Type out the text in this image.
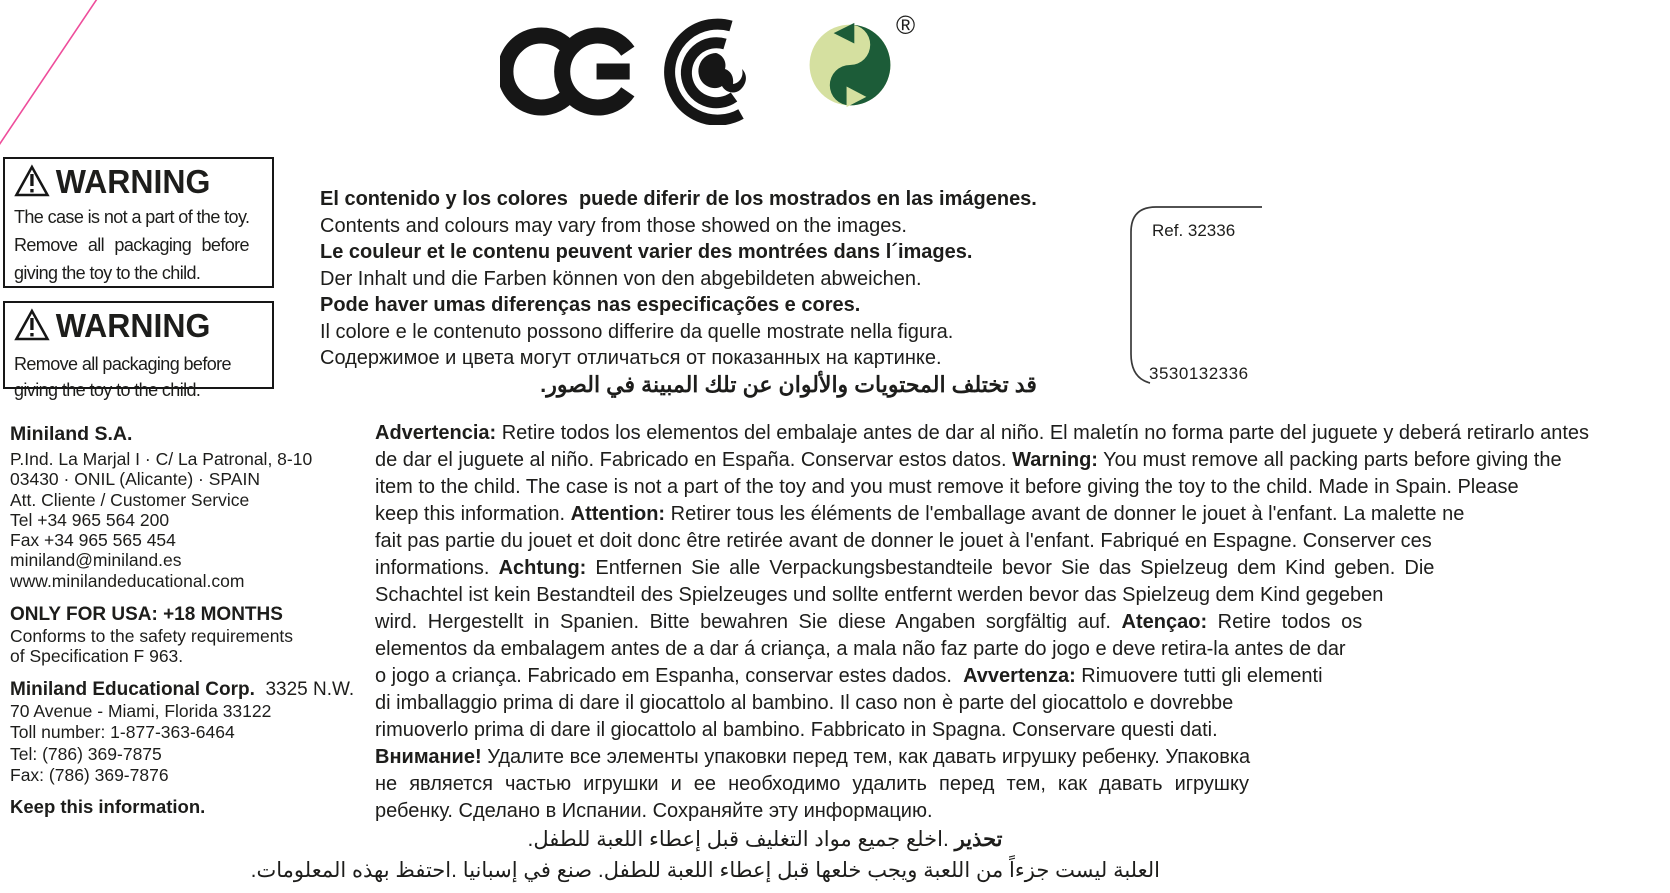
®
WARNING
The case is not a part of the toy.
Remove all packaging before
giving the toy to the child.
WARNING
Remove all packaging before
giving the toy to the child.
El contenido y los colores  puede diferir de los mostrados en las imágenes.
Contents and colours may vary from those showed on the images.
Le couleur et le contenu peuvent varier des montrées dans l´images.
Der Inhalt und die Farben können von den abgebildeten abweichen.
Pode haver umas diferenças nas especificações e cores.
Il colore e le contenuto possono differire da quelle mostrate nella figura.
Содержимое и цвета могут отличаться от показанных на картинке.
قد تختلف المحتويات والألوان عن تلك المبينة في الصور.
Ref. 32336
3530132336
Miniland S.A.
P.Ind. La Marjal I · C/ La Patronal, 8-10
03430 · ONIL (Alicante) · SPAIN
Att. Cliente / Customer Service
Tel +34 965 564 200
Fax +34 965 565 454
miniland@miniland.es
www.minilandeducational.com
ONLY FOR USA: +18 MONTHS
Conforms to the safety requirements
of Specification F 963.
Miniland Educational Corp.  3325 N.W.
70 Avenue - Miami, Florida 33122
Toll number: 1-877-363-6464
Tel: (786) 369-7875
Fax: (786) 369-7876
Keep this information.
Advertencia: Retire todos los elementos del embalaje antes de dar al niño. El maletín no forma parte del juguete y deberá retirarlo antes
de dar el juguete al niño. Fabricado en España. Conservar estos datos. Warning: You must remove all packing parts before giving the
item to the child. The case is not a part of the toy and you must remove it before giving the toy to the child. Made in Spain. Please
keep this information. Attention: Retirer tous les éléments de l'emballage avant de donner le jouet à l'enfant. La malette ne
fait pas partie du jouet et doit donc être retirée avant de donner le jouet à l'enfant. Fabriqué en Espagne. Conserver ces
informations. Achtung: Entfernen Sie alle Verpackungsbestandteile bevor Sie das Spielzeug dem Kind geben. Die
Schachtel ist kein Bestandteil des Spielzeuges und sollte entfernt werden bevor das Spielzeug dem Kind gegeben
wird. Hergestellt in Spanien. Bitte bewahren Sie diese Angaben sorgfältig auf. Atençao: Retire todos os
elementos da embalagem antes de a dar á criança, a mala não faz parte do jogo e deve retira-la antes de dar
o jogo a criança. Fabricado em Espanha, conservar estes dados.  Avvertenza: Rimuovere tutti gli elementi
di imballaggio prima di dare il giocattolo al bambino. Il caso non è parte del giocattolo e dovrebbe
rimuoverlo prima di dare il giocattolo al bambino. Fabbricato in Spagna. Conservare questi dati.
Внимание! Удалите все элементы упаковки перед тем, как давать игрушку ребенку. Упаковка
не является частью игрушки и ее необходимо удалить перед тем, как давать игрушку
ребенку. Сделано в Испании. Сохраняйте эту информацию.
تحذير .اخلع جميع مواد التغليف قبل إعطاء اللعبة للطفل.
العلبة ليست جزءاً من اللعبة ويجب خلعها قبل إعطاء اللعبة للطفل. صنع في إسبانيا .احتفظ بهذه المعلومات.
